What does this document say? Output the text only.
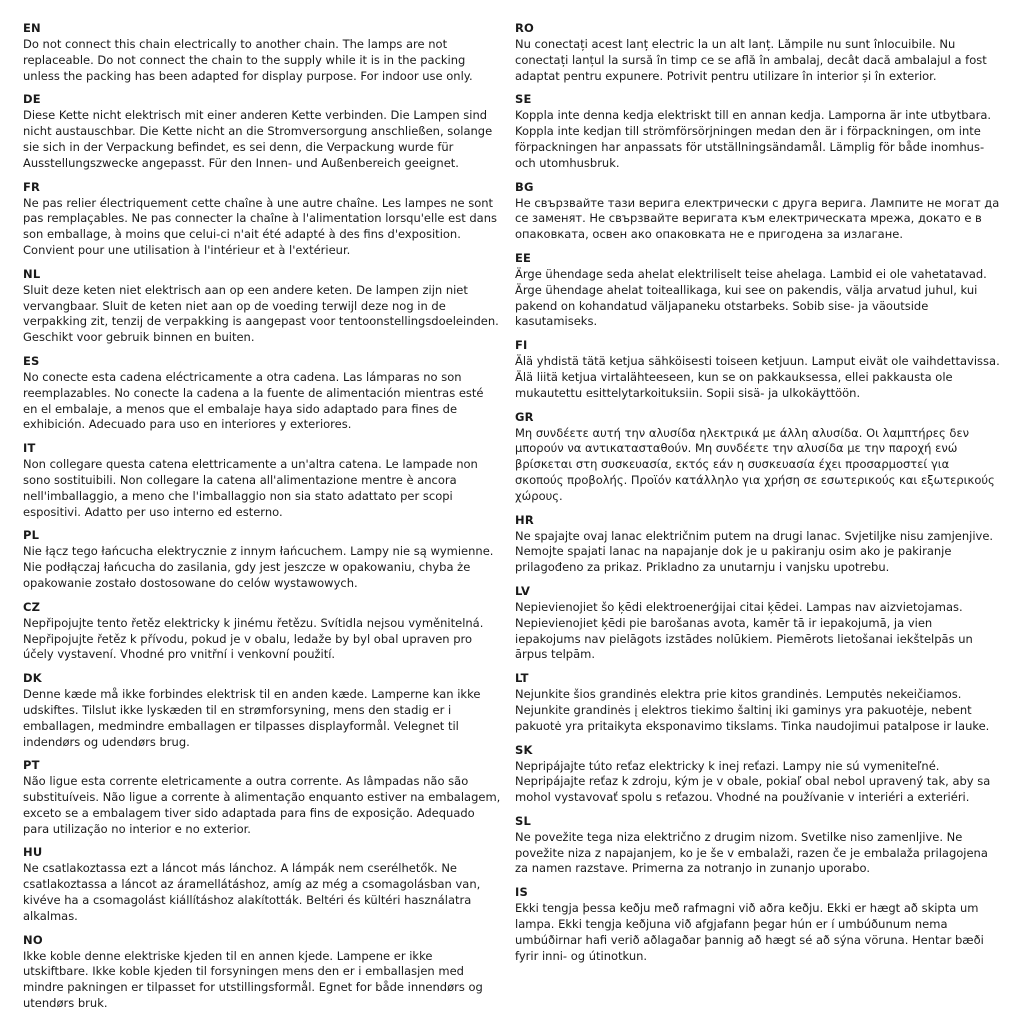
EN

Do not connect this chain electrically to another chain. The lamps are not replaceable. Do not connect the chain to the supply while it is in the packing unless the packing has been adapted for display purpose. For indoor use only.

DE

Diese Kette nicht elektrisch mit einer anderen Kette verbinden. Die Lampen sind nicht austauschbar. Die Kette nicht an die Stromversorgung anschließen, solange sie sich in der Verpackung befindet, es sei denn, die Verpackung wurde für Ausstellungszwecke angepasst. Für den Innen- und Außenbereich geeignet.

FR

Ne pas relier électriquement cette chaîne à une autre chaîne. Les lampes ne sont pas remplaçables. Ne pas connecter la chaîne à l'alimentation lorsqu'elle est dans son emballage, à moins que celui-ci n'ait été adapté à des fins d'exposition. Convient pour une utilisation à l'intérieur et à l'extérieur.

NL

Sluit deze keten niet elektrisch aan op een andere keten. De lampen zijn niet vervangbaar. Sluit de keten niet aan op de voeding terwijl deze nog in de verpakking zit, tenzij de verpakking is aangepast voor tentoonstellingsdoeleinden. Geschikt voor gebruik binnen en buiten.

ES

No conecte esta cadena eléctricamente a otra cadena. Las lámparas no son reemplazables. No conecte la cadena a la fuente de alimentación mientras esté en el embalaje, a menos que el embalaje haya sido adaptado para fines de exhibición. Adecuado para uso en interiores y exteriores.

IT

Non collegare questa catena elettricamente a un'altra catena. Le lampade non sono sostituibili. Non collegare la catena all'alimentazione mentre è ancora nell'imballaggio, a meno che l'imballaggio non sia stato adattato per scopi espositivi. Adatto per uso interno ed esterno.

PL

Nie łącz tego łańcucha elektrycznie z innym łańcuchem. Lampy nie są wymienne. Nie podłączaj łańcucha do zasilania, gdy jest jeszcze w opakowaniu, chyba że opakowanie zostało dostosowane do celów wystawowych.

CZ

Nepřipojujte tento řetěz elektricky k jinému řetězu. Svítidla nejsou vyměnitelná. Nepřipojujte řetěz k přívodu, pokud je v obalu, ledaže by byl obal upraven pro účely vystavení. Vhodné pro vnitřní i venkovní použití.

DK

Denne kæde må ikke forbindes elektrisk til en anden kæde. Lamperne kan ikke udskiftes. Tilslut ikke lyskæden til en strømforsyning, mens den stadig er i emballagen, medmindre emballagen er tilpasses displayformål. Velegnet til indendørs og udendørs brug.

PT

Não ligue esta corrente eletricamente a outra corrente. As lâmpadas não são substituíveis. Não ligue a corrente à alimentação enquanto estiver na embalagem, exceto se a embalagem tiver sido adaptada para fins de exposição. Adequado para utilização no interior e no exterior.

HU

Ne csatlakoztassa ezt a láncot más lánchoz. A lámpák nem cserélhetők. Ne csatlakoztassa a láncot az áramellátáshoz, amíg az még a csomagolásban van, kivéve ha a csomagolást kiállításhoz alakították. Beltéri és kültéri használatra alkalmas.

NO

Ikke koble denne elektriske kjeden til en annen kjede. Lampene er ikke utskiftbare. Ikke koble kjeden til forsyningen mens den er i emballasjen med mindre pakningen er tilpasset for utstillingsformål. Egnet for både innendørs og utendørs bruk.

RO

Nu conectați acest lanț electric la un alt lanț. Lămpile nu sunt înlocuibile. Nu conectați lanțul la sursă în timp ce se află în ambalaj, decât dacă ambalajul a fost adaptat pentru expunere. Potrivit pentru utilizare în interior și în exterior.

SE

Koppla inte denna kedja elektriskt till en annan kedja. Lamporna är inte utbytbara. Koppla inte kedjan till strömförsörjningen medan den är i förpackningen, om inte förpackningen har anpassats för utställningsändamål. Lämplig för både inomhus- och utomhusbruk.

BG

Не свързвайте тази верига електрически с друга верига. Лампите не могат да се заменят. Не свързвайте веригата към електрическата мрежа, докато е в опаковката, освен ако опаковката не е пригодена за излагане.

EE

Ärge ühendage seda ahelat elektriliselt teise ahelaga. Lambid ei ole vahetatavad. Ärge ühendage ahelat toiteallikaga, kui see on pakendis, välja arvatud juhul, kui pakend on kohandatud väljapaneku otstarbeks. Sobib sise- ja väoutside kasutamiseks.

FI

Älä yhdistä tätä ketjua sähköisesti toiseen ketjuun. Lamput eivät ole vaihdettavissa. Älä liitä ketjua virtalähteeseen, kun se on pakkauksessa, ellei pakkausta ole mukautettu esittelytarkoituksiin. Sopii sisä- ja ulkokäyttöön.

GR

Μη συνδέετε αυτή την αλυσίδα ηλεκτρικά με άλλη αλυσίδα. Οι λαμπτήρες δεν μπορούν να αντικατασταθούν. Μη συνδέετε την αλυσίδα με την παροχή ενώ βρίσκεται στη συσκευασία, εκτός εάν η συσκευασία έχει προσαρμοστεί για σκοπούς προβολής. Προϊόν κατάλληλο για χρήση σε εσωτερικούς και εξωτερικούς χώρους.

HR

Ne spajajte ovaj lanac električnim putem na drugi lanac. Svjetiljke nisu zamjenjive. Nemojte spajati lanac na napajanje dok je u pakiranju osim ako je pakiranje prilagođeno za prikaz. Prikladno za unutarnju i vanjsku upotrebu.

LV

Nepievienojiet šo ķēdi elektroenerģijai citai ķēdei. Lampas nav aizvietojamas. Nepievienojiet ķēdi pie barošanas avota, kamēr tā ir iepakojumā, ja vien iepakojums nav pielāgots izstādes nolūkiem. Piemērots lietošanai iekštelpās un ārpus telpām.

LT

Nejunkite šios grandinės elektra prie kitos grandinės. Lemputės nekeičiamos. Nejunkite grandinės į elektros tiekimo šaltinį iki gaminys yra pakuotėje, nebent pakuotė yra pritaikyta eksponavimo tikslams. Tinka naudojimui patalpose ir lauke.

SK

Nepripájajte túto reťaz elektricky k inej reťazi. Lampy nie sú vymeniteľné. Nepripájajte reťaz k zdroju, kým je v obale, pokiaľ obal nebol upravený tak, aby sa mohol vystavovať spolu s reťazou. Vhodné na používanie v interiéri a exteriéri.

SL

Ne povežite tega niza električno z drugim nizom. Svetilke niso zamenljive. Ne povežite niza z napajanjem, ko je še v embalaži, razen če je embalaža prilagojena za namen razstave. Primerna za notranjo in zunanjo uporabo.

IS

Ekki tengja þessa keðju með rafmagni við aðra keðju. Ekki er hægt að skipta um lampa. Ekki tengja keðjuna við afgjafann þegar hún er í umbúðunum nema umbúðirnar hafi verið aðlagaðar þannig að hægt sé að sýna vöruna. Hentar bæði fyrir inni- og útinotkun.
